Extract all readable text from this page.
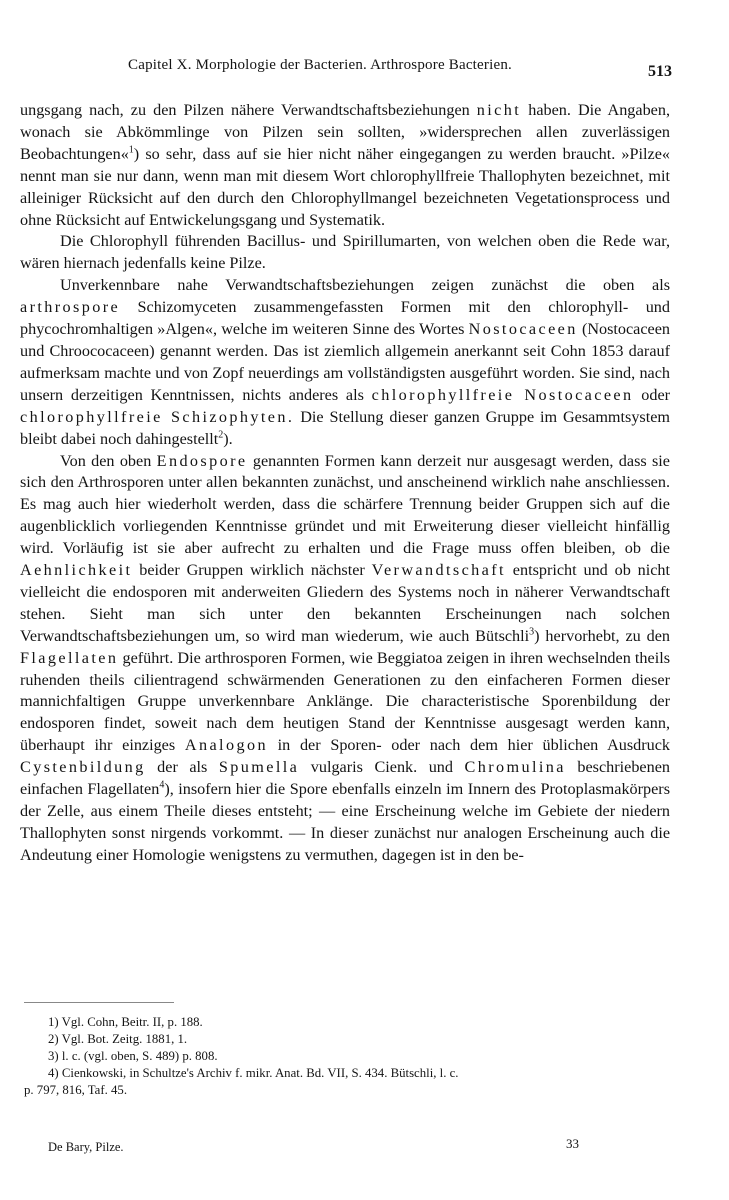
Capitel X. Morphologie der Bacterien. Arthrospore Bacterien.	513

ungsgang nach, zu den Pilzen nähere Verwandtschaftsbeziehungen nicht haben. Die Angaben, wonach sie Abkömmlinge von Pilzen sein sollten, »widersprechen allen zuverlässigen Beobachtungen«$^1$) so sehr, dass auf sie hier nicht näher eingegangen zu werden braucht. »Pilze« nennt man sie nur dann, wenn man mit diesem Wort chlorophyllfreie Thallophyten bezeichnet, mit alleiniger Rücksicht auf den durch den Chlorophyllmangel bezeichneten Vegetationsprocess und ohne Rücksicht auf Entwickelungsgang und Systematik.

Die Chlorophyll führenden Bacillus- und Spirillumarten, von welchen oben die Rede war, wären hiernach jedenfalls keine Pilze.

Unverkennbare nahe Verwandtschaftsbeziehungen zeigen zunächst die oben als arthrospore Schizomyceten zusammengefassten Formen mit den chlorophyll- und phycochromhaltigen »Algen«, welche im weiteren Sinne des Wortes Nostocaceen (Nostocaceen und Chroococaceen) genannt werden. Das ist ziemlich allgemein anerkannt seit Cohn 1853 darauf aufmerksam machte und von Zopf neuerdings am vollständigsten ausgeführt worden. Sie sind, nach unsern derzeitigen Kenntnissen, nichts anderes als chlorophyllfreie Nostocaceen oder chlorophyllfreie Schizophyten. Die Stellung dieser ganzen Gruppe im Gesammtsystem bleibt dabei noch dahingestellt$^2$).

Von den oben Endospore genannten Formen kann derzeit nur ausgesagt werden, dass sie sich den Arthrosporen unter allen bekannten zunächst, und anscheinend wirklich nahe anschliessen. Es mag auch hier wiederholt werden, dass die schärfere Trennung beider Gruppen sich auf die augenblicklich vorliegenden Kenntnisse gründet und mit Erweiterung dieser vielleicht hinfällig wird. Vorläufig ist sie aber aufrecht zu erhalten und die Frage muss offen bleiben, ob die Aehnlichkeit beider Gruppen wirklich nächster Verwandtschaft entspricht und ob nicht vielleicht die endosporen mit anderweiten Gliedern des Systems noch in näherer Verwandtschaft stehen. Sieht man sich unter den bekannten Erscheinungen nach solchen Verwandtschaftsbeziehungen um, so wird man wiederum, wie auch Bütschli$^3$) hervorhebt, zu den Flagellaten geführt. Die arthrosporen Formen, wie Beggiatoa zeigen in ihren wechselnden theils ruhenden theils cilientragend schwärmenden Generationen zu den einfacheren Formen dieser mannichfaltigen Gruppe unverkennbare Anklänge. Die characteristische Sporenbildung der endosporen findet, soweit nach dem heutigen Stand der Kenntnisse ausgesagt werden kann, überhaupt ihr einziges Analogon in der Sporen- oder nach dem hier üblichen Ausdruck Cystenbildung der als Spumella vulgaris Cienk. und Chromulina beschriebenen einfachen Flagellaten$^4$), insofern hier die Spore ebenfalls einzeln im Innern des Protoplasmakörpers der Zelle, aus einem Theile dieses entsteht; — eine Erscheinung welche im Gebiete der niedern Thallophyten sonst nirgends vorkommt. — In dieser zunächst nur analogen Erscheinung auch die Andeutung einer Homologie wenigstens zu vermuthen, dagegen ist in den be-

1) Vgl. Cohn, Beitr. II, p. 188.

2) Vgl. Bot. Zeitg. 1881, 1.

3) l. c. (vgl. oben, S. 489) p. 808.

4) Cienkowski, in Schultze's Archiv f. mikr. Anat. Bd. VII, S. 434. Bütschli, l. c.

p. 797, 816, Taf. 45.

De Bary, Pilze.	33
